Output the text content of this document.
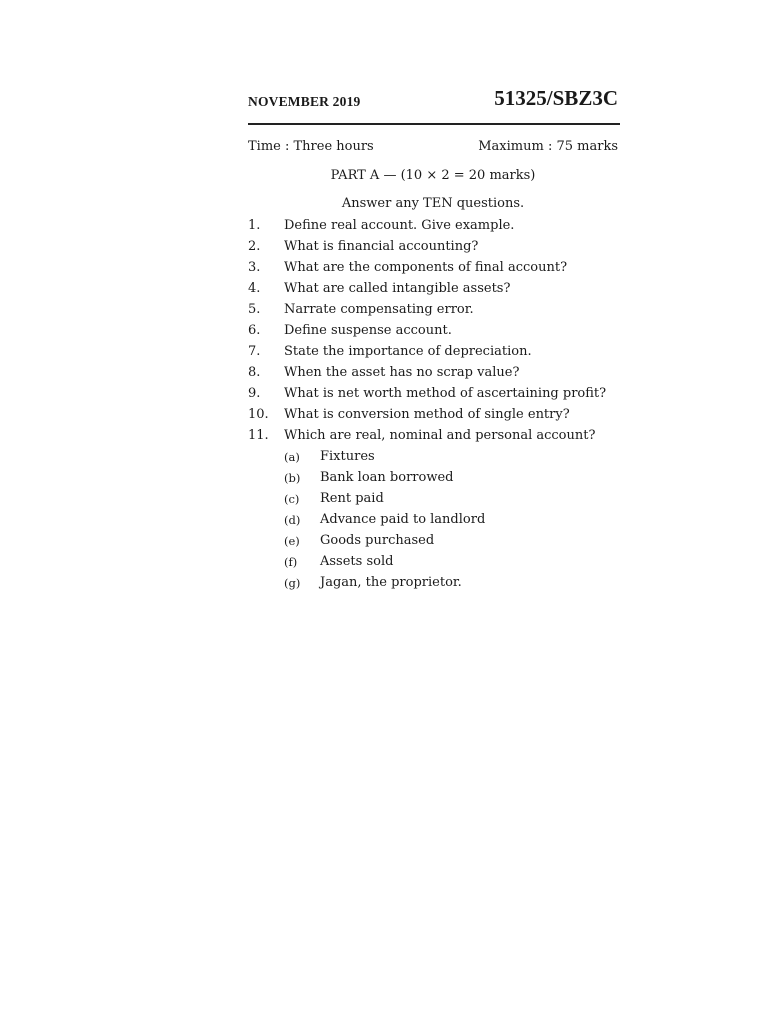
NOVEMBER 2019	51325/SBZ3C
Time : Three hours	Maximum : 75 marks
PART A — (10 × 2 = 20 marks)
Answer any TEN questions.
1. Define real account. Give example.
2. What is financial accounting?
3. What are the components of final account?
4. What are called intangible assets?
5. Narrate compensating error.
6. Define suspense account.
7. State the importance of depreciation.
8. When the asset has no scrap value?
9. What is net worth method of ascertaining profit?
10. What is conversion method of single entry?
11. Which are real, nominal and personal account?
(a) Fixtures
(b) Bank loan borrowed
(c) Rent paid
(d) Advance paid to landlord
(e) Goods purchased
(f) Assets sold
(g) Jagan, the proprietor.
